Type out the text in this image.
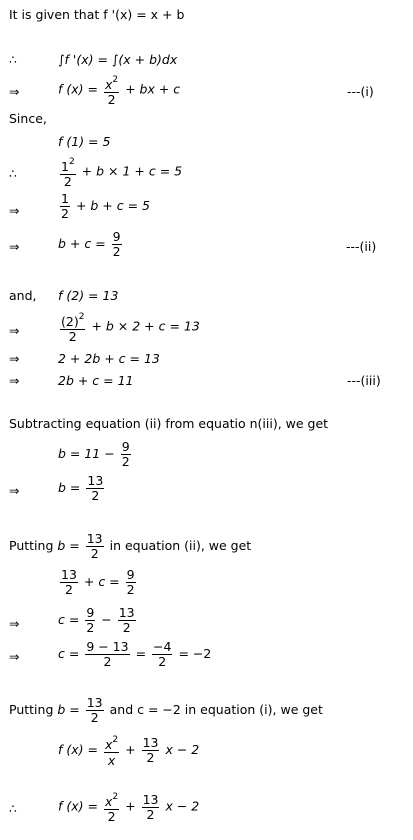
It is given that f '(x) = x + b
∴	∫f '(x) = ∫(x + b)dx
⇒	f $(x) = \frac{x^2}{2}$ + bx + c	---(i)
Since,
f (1) = 5
∴	$\frac{1^2}{2} + b \times 1 + c = 5$
⇒	$\frac{1}{2} + b + c = 5$
⇒	$b + c = \frac{9}{2}$	---(ii)
and, f (2) = 13
⇒	$\frac{(2)^2}{2} + b \times 2 + c = 13$
⇒	2 + 2b + c = 13
⇒	2b + c = 11	---(iii)
Subtracting equation (ii) from equatio n(iii), we get
$b = 11 - \frac{9}{2}$
⇒	$b = \frac{13}{2}$
Putting $b = \frac{13}{2}$ in equation (ii), we get
$\frac{13}{2} + c = \frac{9}{2}$
⇒	$c = \frac{9}{2} - \frac{13}{2}$
⇒	$c = \frac{9 - 13}{2} = \frac{-4}{2} = -2$
Putting $b = \frac{13}{2}$ and c = −2 in equation (i), we get
f $(x) = \frac{x^2}{x} + \frac{13}{2}$ x − 2
∴	f $(x) = \frac{x^2}{2} + \frac{13}{2}$ x − 2
